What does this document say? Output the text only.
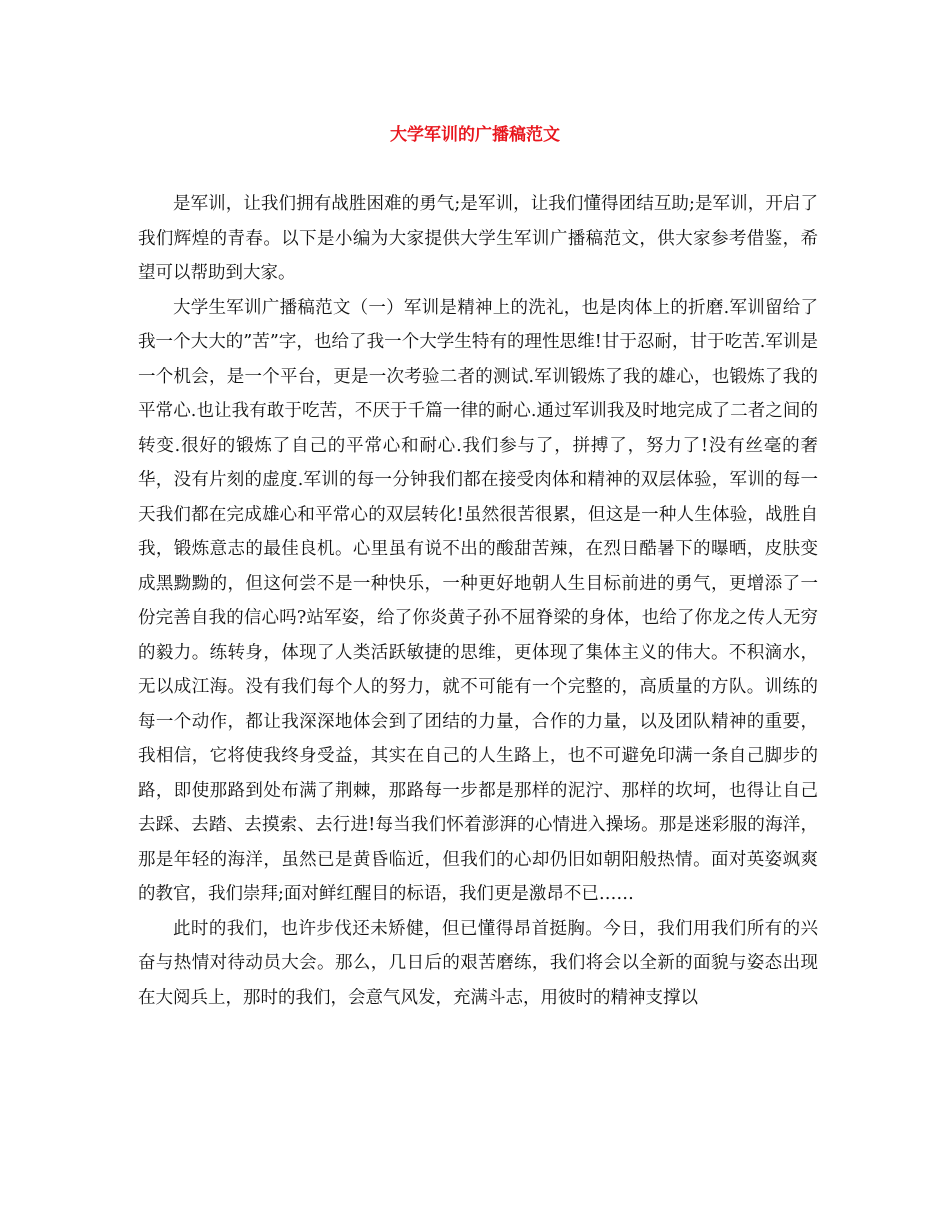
大学军训的广播稿范文

是军训，让我们拥有战胜困难的勇气;是军训，让我们懂得团结互助;是军训，开启了我们辉煌的青春。以下是小编为大家提供大学生军训广播稿范文，供大家参考借鉴，希望可以帮助到大家。

大学生军训广播稿范文（一）军训是精神上的洗礼，也是肉体上的折磨.军训留给了我一个大大的”苦”字，也给了我一个大学生特有的理性思维!甘于忍耐，甘于吃苦.军训是一个机会，是一个平台，更是一次考验二者的测试.军训锻炼了我的雄心，也锻炼了我的平常心.也让我有敢于吃苦，不厌于千篇一律的耐心.通过军训我及时地完成了二者之间的转变.很好的锻炼了自己的平常心和耐心.我们参与了，拼搏了，努力了!没有丝毫的奢华，没有片刻的虚度.军训的每一分钟我们都在接受肉体和精神的双层体验，军训的每一天我们都在完成雄心和平常心的双层转化!虽然很苦很累，但这是一种人生体验，战胜自我，锻炼意志的最佳良机。心里虽有说不出的酸甜苦辣，在烈日酷暑下的曝晒，皮肤变成黑黝黝的，但这何尝不是一种快乐，一种更好地朝人生目标前进的勇气，更增添了一份完善自我的信心吗?站军姿，给了你炎黄子孙不屈脊梁的身体，也给了你龙之传人无穷的毅力。练转身，体现了人类活跃敏捷的思维，更体现了集体主义的伟大。不积滴水，无以成江海。没有我们每个人的努力，就不可能有一个完整的，高质量的方队。训练的每一个动作，都让我深深地体会到了团结的力量，合作的力量，以及团队精神的重要，我相信，它将使我终身受益，其实在自己的人生路上，也不可避免印满一条自己脚步的路，即使那路到处布满了荆棘，那路每一步都是那样的泥泞、那样的坎坷，也得让自己去踩、去踏、去摸索、去行进!每当我们怀着澎湃的心情进入操场。那是迷彩服的海洋，那是年轻的海洋，虽然已是黄昏临近，但我们的心却仍旧如朝阳般热情。面对英姿飒爽的教官，我们崇拜;面对鲜红醒目的标语，我们更是激昂不已……

此时的我们，也许步伐还未矫健，但已懂得昂首挺胸。今日，我们用我们所有的兴奋与热情对待动员大会。那么，几日后的艰苦磨练，我们将会以全新的面貌与姿态出现在大阅兵上，那时的我们，会意气风发，充满斗志，用彼时的精神支撑以
